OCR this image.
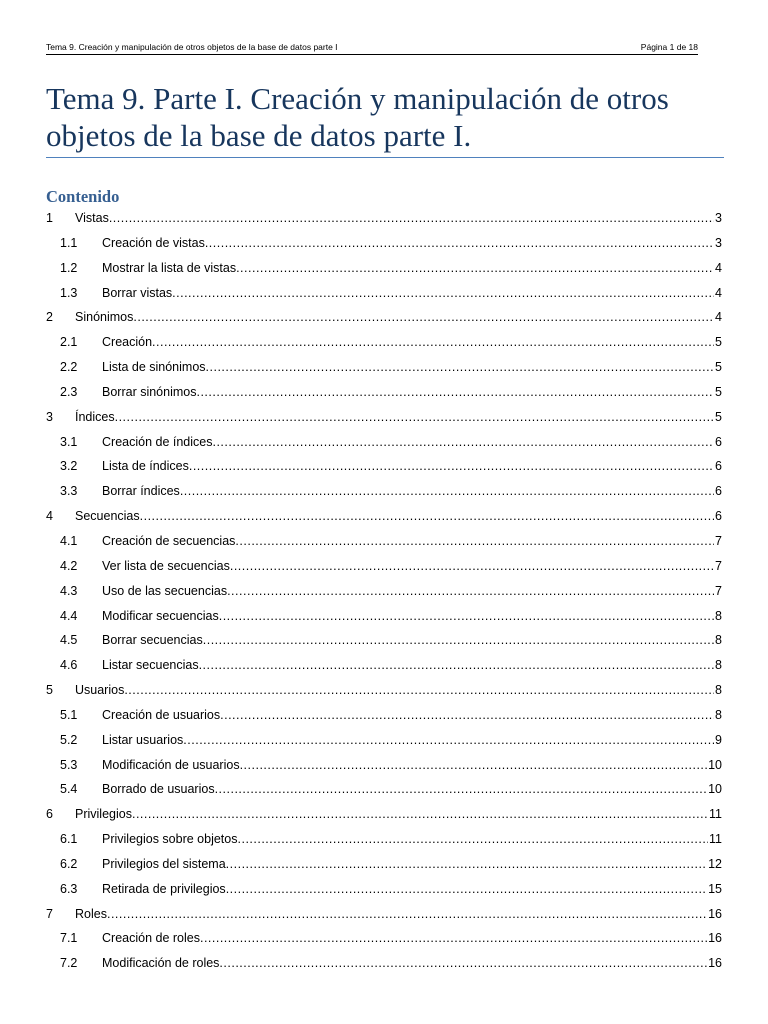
Tema 9. Creación y manipulación de otros objetos de la base de datos parte I	Página 1 de 18
Tema 9. Parte I. Creación y manipulación de otros objetos de la base de datos parte I.
Contenido
1	Vistas .....	3
1.1	Creación de vistas .....	3
1.2	Mostrar la lista de vistas .....	4
1.3	Borrar vistas .....	4
2	Sinónimos .....	4
2.1	Creación .....	5
2.2	Lista de sinónimos .....	5
2.3	Borrar sinónimos .....	5
3	Índices .....	5
3.1	Creación de índices .....	6
3.2	Lista de índices .....	6
3.3	Borrar índices .....	6
4	Secuencias .....	6
4.1	Creación de secuencias .....	7
4.2	Ver lista de secuencias .....	7
4.3	Uso de las secuencias .....	7
4.4	Modificar secuencias .....	8
4.5	Borrar secuencias .....	8
4.6	Listar secuencias .....	8
5	Usuarios .....	8
5.1	Creación de usuarios .....	8
5.2	Listar usuarios .....	9
5.3	Modificación de usuarios .....	10
5.4	Borrado de usuarios .....	10
6	Privilegios .....	11
6.1	Privilegios sobre objetos .....	11
6.2	Privilegios del sistema .....	12
6.3	Retirada de privilegios .....	15
7	Roles .....	16
7.1	Creación de roles .....	16
7.2	Modificación de roles .....	16
